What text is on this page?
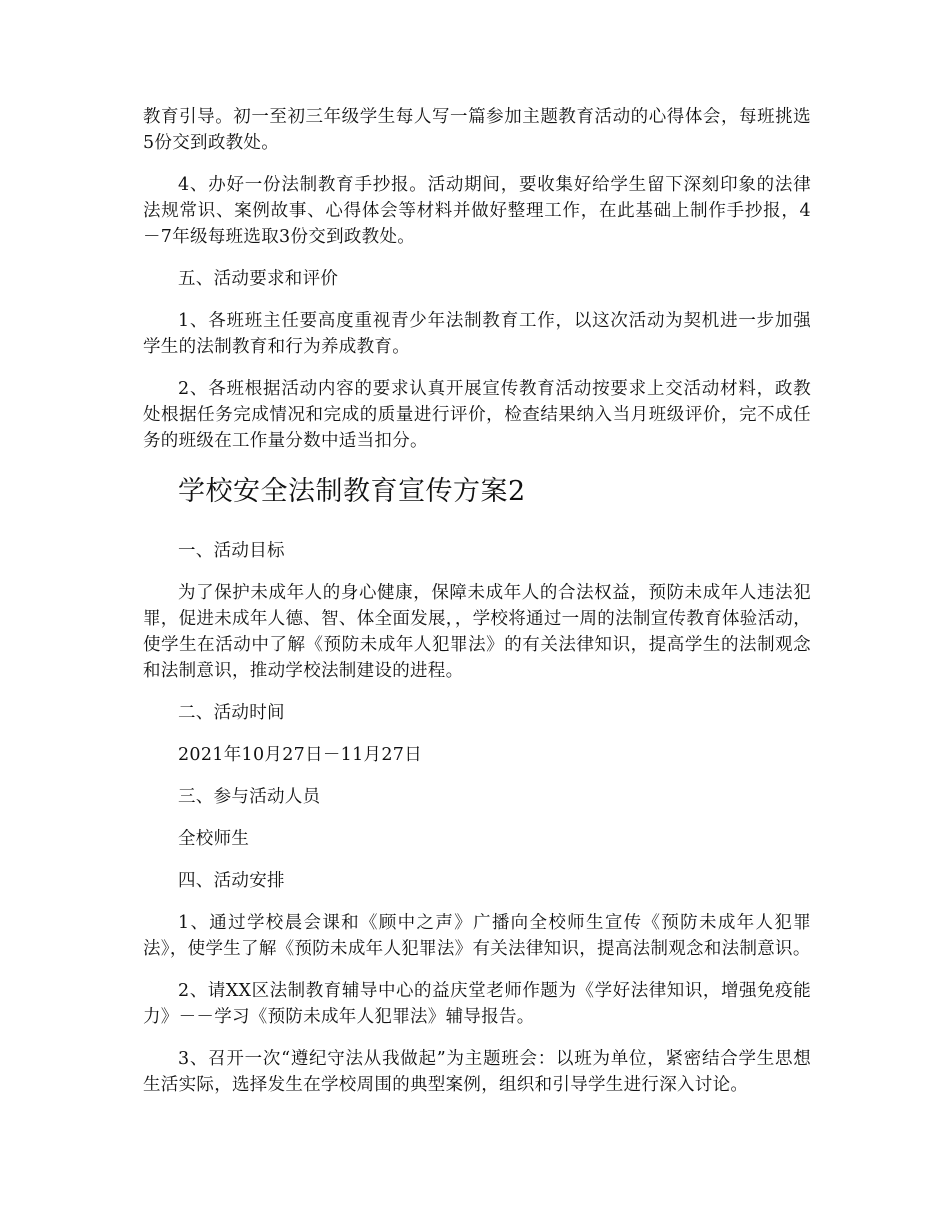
教育引导。初一至初三年级学生每人写一篇参加主题教育活动的心得体会，每班挑选5份交到政教处。

4、办好一份法制教育手抄报。活动期间，要收集好给学生留下深刻印象的法律法规常识、案例故事、心得体会等材料并做好整理工作，在此基础上制作手抄报，4－7年级每班选取3份交到政教处。

五、活动要求和评价

1、各班班主任要高度重视青少年法制教育工作，以这次活动为契机进一步加强学生的法制教育和行为养成教育。

2、各班根据活动内容的要求认真开展宣传教育活动按要求上交活动材料，政教处根据任务完成情况和完成的质量进行评价，检查结果纳入当月班级评价，完不成任务的班级在工作量分数中适当扣分。

学校安全法制教育宣传方案2

一、活动目标

为了保护未成年人的身心健康，保障未成年人的合法权益，预防未成年人违法犯罪，促进未成年人德、智、体全面发展，，学校将通过一周的法制宣传教育体验活动，使学生在活动中了解《预防未成年人犯罪法》的有关法律知识，提高学生的法制观念和法制意识，推动学校法制建设的进程。

二、活动时间

2021年10月27日－11月27日

三、参与活动人员

全校师生

四、活动安排

1、通过学校晨会课和《顾中之声》广播向全校师生宣传《预防未成年人犯罪法》，使学生了解《预防未成年人犯罪法》有关法律知识，提高法制观念和法制意识。

2、请XX区法制教育辅导中心的益庆堂老师作题为《学好法律知识，增强免疫能力》－－学习《预防未成年人犯罪法》辅导报告。

3、召开一次“遵纪守法从我做起”为主题班会：以班为单位，紧密结合学生思想生活实际，选择发生在学校周围的典型案例，组织和引导学生进行深入讨论。
